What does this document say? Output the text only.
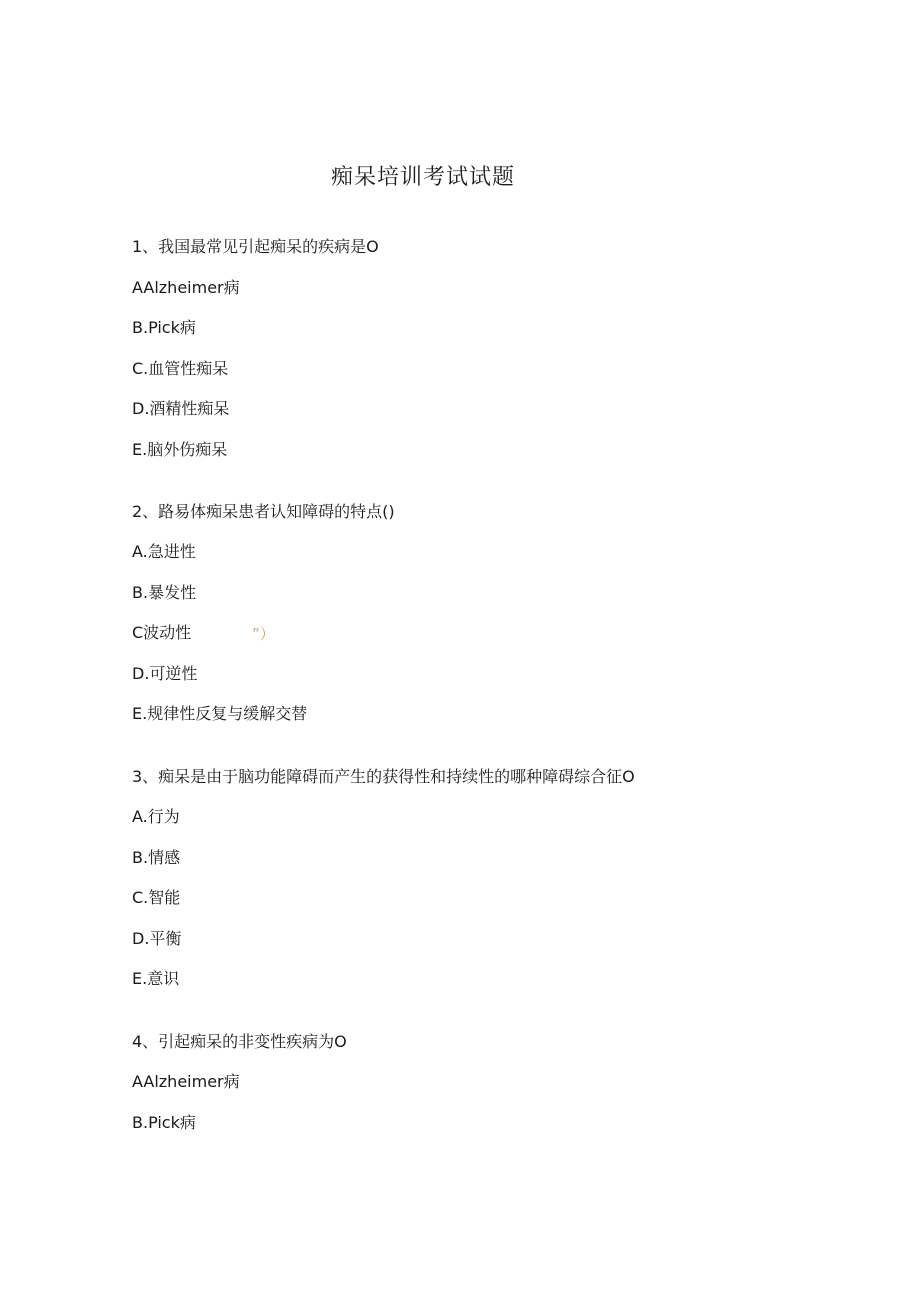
痴呆培训考试试题
1、我国最常见引起痴呆的疾病是O
AAlzheimer病
B.Pick病
C.血管性痴呆
D.酒精性痴呆
E.脑外伤痴呆
2、路易体痴呆患者认知障碍的特点()
A.急进性
B.暴发性
C波动性	”）
D.可逆性
E.规律性反复与缓解交替
3、痴呆是由于脑功能障碍而产生的获得性和持续性的哪种障碍综合征O
A.行为
B.情感
C.智能
D.平衡
E.意识
4、引起痴呆的非变性疾病为O
AAlzheimer病
B.Pick病
